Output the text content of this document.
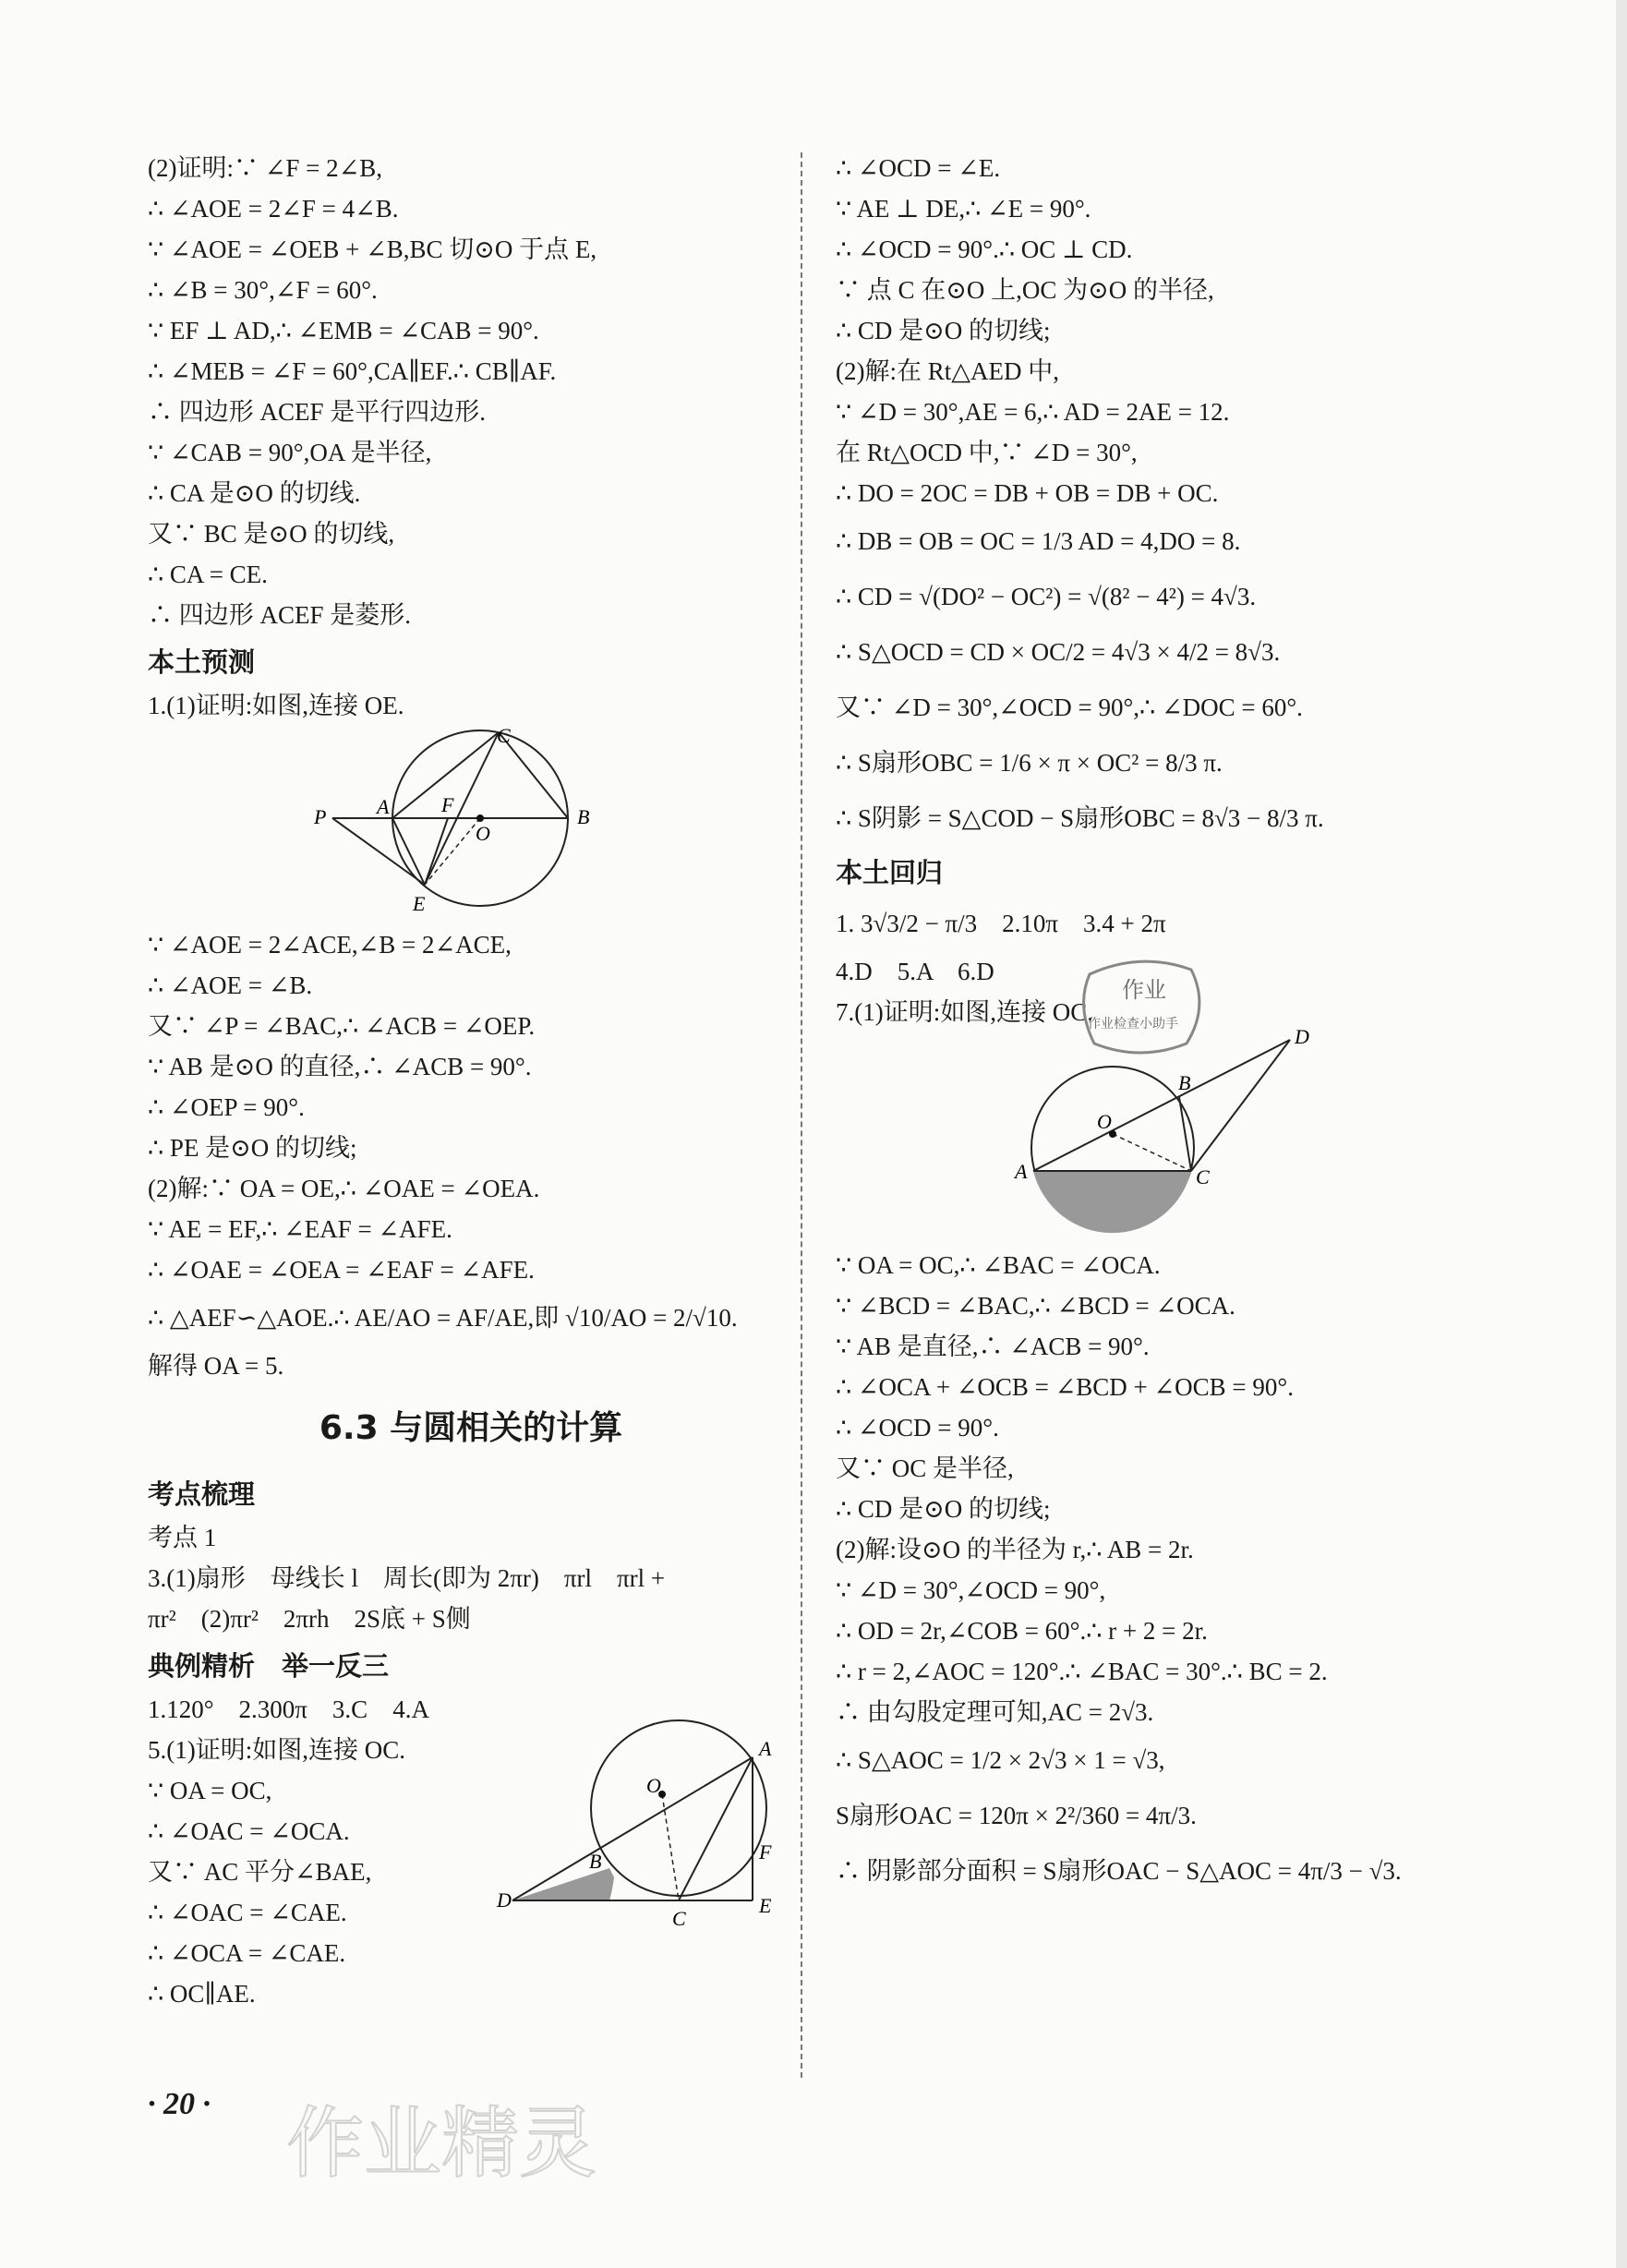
(2)证明:∵ ∠F = 2∠B,
∴ ∠AOE = 2∠F = 4∠B.
∵ ∠AOE = ∠OEB + ∠B,BC 切⊙O 于点 E,
∴ ∠B = 30°,∠F = 60°.
∵ EF ⊥ AD,∴ ∠EMB = ∠CAB = 90°.
∴ ∠MEB = ∠F = 60°,CA∥EF.∴ CB∥AF.
∴ 四边形 ACEF 是平行四边形.
∵ ∠CAB = 90°,OA 是半径,
∴ CA 是⊙O 的切线.
又∵ BC 是⊙O 的切线,
∴ CA = CE.
∴ 四边形 ACEF 是菱形.
本土预测
1.(1)证明:如图,连接 OE.
C
P A	F
O
B
E
∵ ∠AOE = 2∠ACE,∠B = 2∠ACE,
∴ ∠AOE = ∠B.
又∵ ∠P = ∠BAC,∴ ∠ACB = ∠OEP.
∵ AB 是⊙O 的直径,∴ ∠ACB = 90°.
∴ ∠OEP = 90°.
∴ PE 是⊙O 的切线;
(2)解:∵ OA = OE,∴ ∠OAE = ∠OEA.
∵ AE = EF,∴ ∠EAF = ∠AFE.
∴ ∠OAE = ∠OEA = ∠EAF = ∠AFE.
∴ △AEF∽△AOE.∴ AE/AO = AF/AE,即 √10/AO = 2/√10.
解得 OA = 5.
6.3 与圆相关的计算
考点梳理
考点 1
3.(1)扇形　母线长 l　周长(即为 2πr)　πrl　πrl +
πr²　(2)πr²　2πrh　2S底 + S侧
典例精析　举一反三
1.120°　2.300π　3.C　4.A
5.(1)证明:如图,连接 OC.
∵ OA = OC,
∴ ∠OAC = ∠OCA.
又∵ AC 平分∠BAE,
∴ ∠OAC = ∠CAE.
∴ ∠OCA = ∠CAE.
∴ OC∥AE.
A
O
B	F
D
C
E
∴ ∠OCD = ∠E.
∵ AE ⊥ DE,∴ ∠E = 90°.
∴ ∠OCD = 90°.∴ OC ⊥ CD.
∵ 点 C 在⊙O 上,OC 为⊙O 的半径,
∴ CD 是⊙O 的切线;
(2)解:在 Rt△AED 中,
∵ ∠D = 30°,AE = 6,∴ AD = 2AE = 12.
在 Rt△OCD 中,∵ ∠D = 30°,
∴ DO = 2OC = DB + OB = DB + OC.
∴ DB = OB = OC = 1/3 AD = 4,DO = 8.
∴ CD = √(DO² − OC²) = √(8² − 4²) = 4√3.
∴ S△OCD = CD × OC/2 = 4√3 × 4/2 = 8√3.
又∵ ∠D = 30°,∠OCD = 90°,∴ ∠DOC = 60°.
∴ S扇形OBC = 1/6 × π × OC² = 8/3 π.
∴ S阴影 = S△COD − S扇形OBC = 8√3 − 8/3 π.
本土回归
1. 3√3/2 − π/3　2.10π　3.4 + 2π
4.D　5.A　6.D
7.(1)证明:如图,连接 OC.
D
B
O
A	C
∵ OA = OC,∴ ∠BAC = ∠OCA.
∵ ∠BCD = ∠BAC,∴ ∠BCD = ∠OCA.
∵ AB 是直径,∴ ∠ACB = 90°.
∴ ∠OCA + ∠OCB = ∠BCD + ∠OCB = 90°.
∴ ∠OCD = 90°.
又∵ OC 是半径,
∴ CD 是⊙O 的切线;
(2)解:设⊙O 的半径为 r,∴ AB = 2r.
∵ ∠D = 30°,∠OCD = 90°,
∴ OD = 2r,∠COB = 60°.∴ r + 2 = 2r.
∴ r = 2,∠AOC = 120°.∴ ∠BAC = 30°.∴ BC = 2.
∴ 由勾股定理可知,AC = 2√3.
∴ S△AOC = 1/2 × 2√3 × 1 = √3,
S扇形OAC = 120π × 2²/360 = 4π/3.
∴ 阴影部分面积 = S扇形OAC − S△AOC = 4π/3 − √3.
作业
作业检查小助手
作业精灵
· 20 ·
